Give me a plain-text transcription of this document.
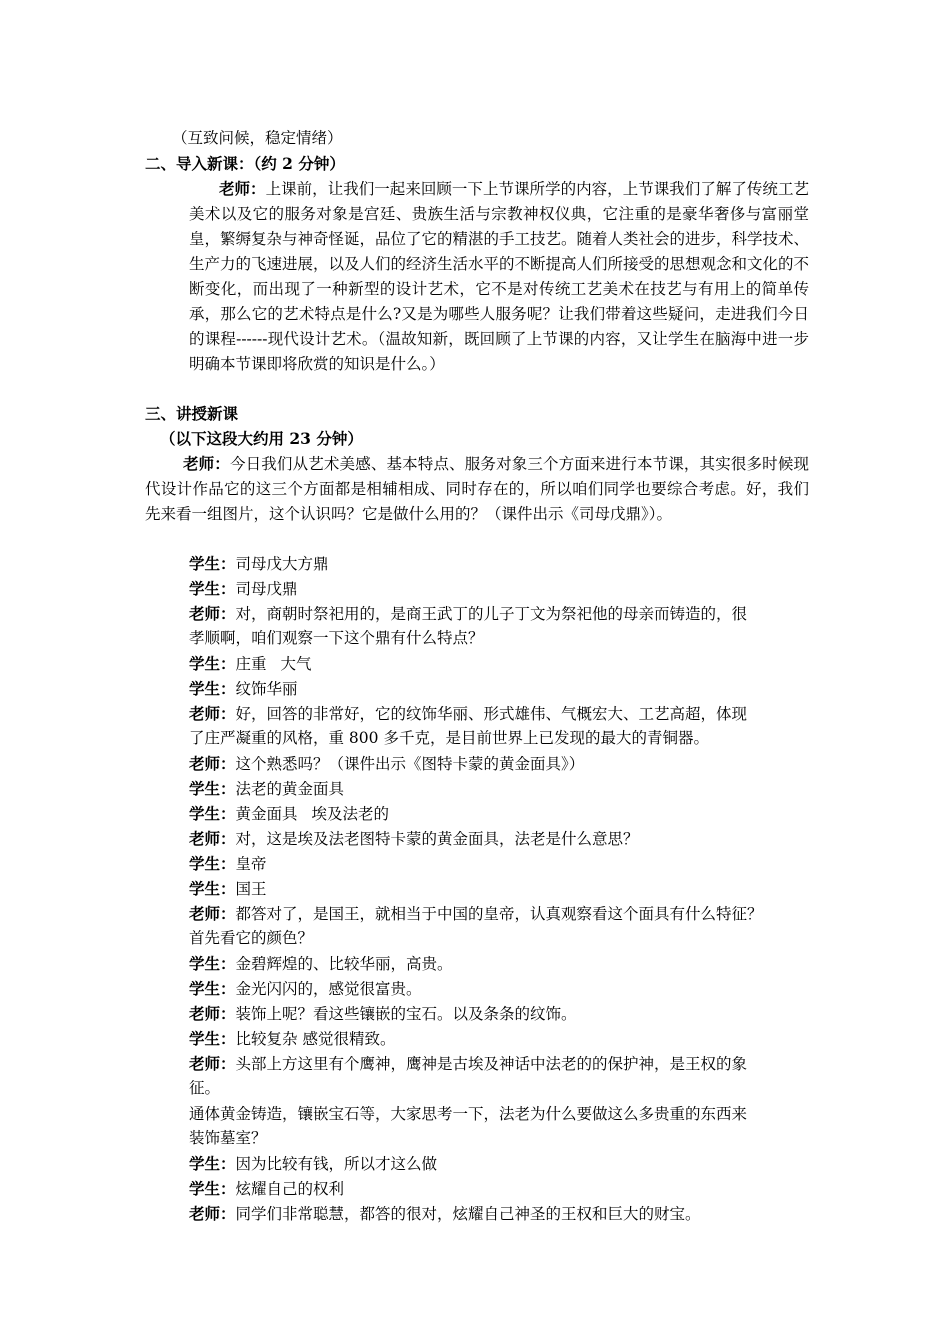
（互致问候，稳定情绪）

二、导入新课：（约 2 分钟）

老师：上课前，让我们一起来回顾一下上节课所学的内容，上节课我们了解了传统工艺美术以及它的服务对象是宫廷、贵族生活与宗教神权仪典，它注重的是豪华奢侈与富丽堂皇，繁缛复杂与神奇怪诞，品位了它的精湛的手工技艺。随着人类社会的进步，科学技术、生产力的飞速进展，以及人们的经济生活水平的不断提高人们所接受的思想观念和文化的不断变化，而出现了一种新型的设计艺术，它不是对传统工艺美术在技艺与有用上的简单传承，那么它的艺术特点是什么?又是为哪些人服务呢？让我们带着这些疑问，走进我们今日的课程------现代设计艺术。（温故知新，既回顾了上节课的内容，又让学生在脑海中进一步明确本节课即将欣赏的知识是什么。）

三、讲授新课

（以下这段大约用 23 分钟）

老师：今日我们从艺术美感、基本特点、服务对象三个方面来进行本节课，其实很多时候现代设计作品它的这三个方面都是相辅相成、同时存在的，所以咱们同学也要综合考虑。好，我们先来看一组图片，这个认识吗？它是做什么用的？（课件出示《司母戊鼎》）。

学生：司母戊大方鼎

学生：司母戊鼎

老师：对，商朝时祭祀用的，是商王武丁的儿子丁文为祭祀他的母亲而铸造的，很

孝顺啊，咱们观察一下这个鼎有什么特点？

学生：庄重 大气

学生：纹饰华丽

老师：好，回答的非常好，它的纹饰华丽、形式雄伟、气概宏大、工艺高超，体现

了庄严凝重的风格，重 800 多千克，是目前世界上已发现的最大的青铜器。

老师：这个熟悉吗？（课件出示《图特卡蒙的黄金面具》）

学生：法老的黄金面具

学生：黄金面具 埃及法老的

老师：对，这是埃及法老图特卡蒙的黄金面具，法老是什么意思？

学生：皇帝

学生：国王

老师：都答对了，是国王，就相当于中国的皇帝，认真观察看这个面具有什么特征？

首先看它的颜色？

学生：金碧辉煌的、比较华丽，高贵。

学生：金光闪闪的，感觉很富贵。

老师：装饰上呢？看这些镶嵌的宝石。以及条条的纹饰。

学生：比较复杂 感觉很精致。

老师：头部上方这里有个鹰神，鹰神是古埃及神话中法老的的保护神，是王权的象

征。

通体黄金铸造，镶嵌宝石等，大家思考一下，法老为什么要做这么多贵重的东西来

装饰墓室？

学生：因为比较有钱，所以才这么做

学生：炫耀自己的权利

老师：同学们非常聪慧，都答的很对，炫耀自己神圣的王权和巨大的财宝。
